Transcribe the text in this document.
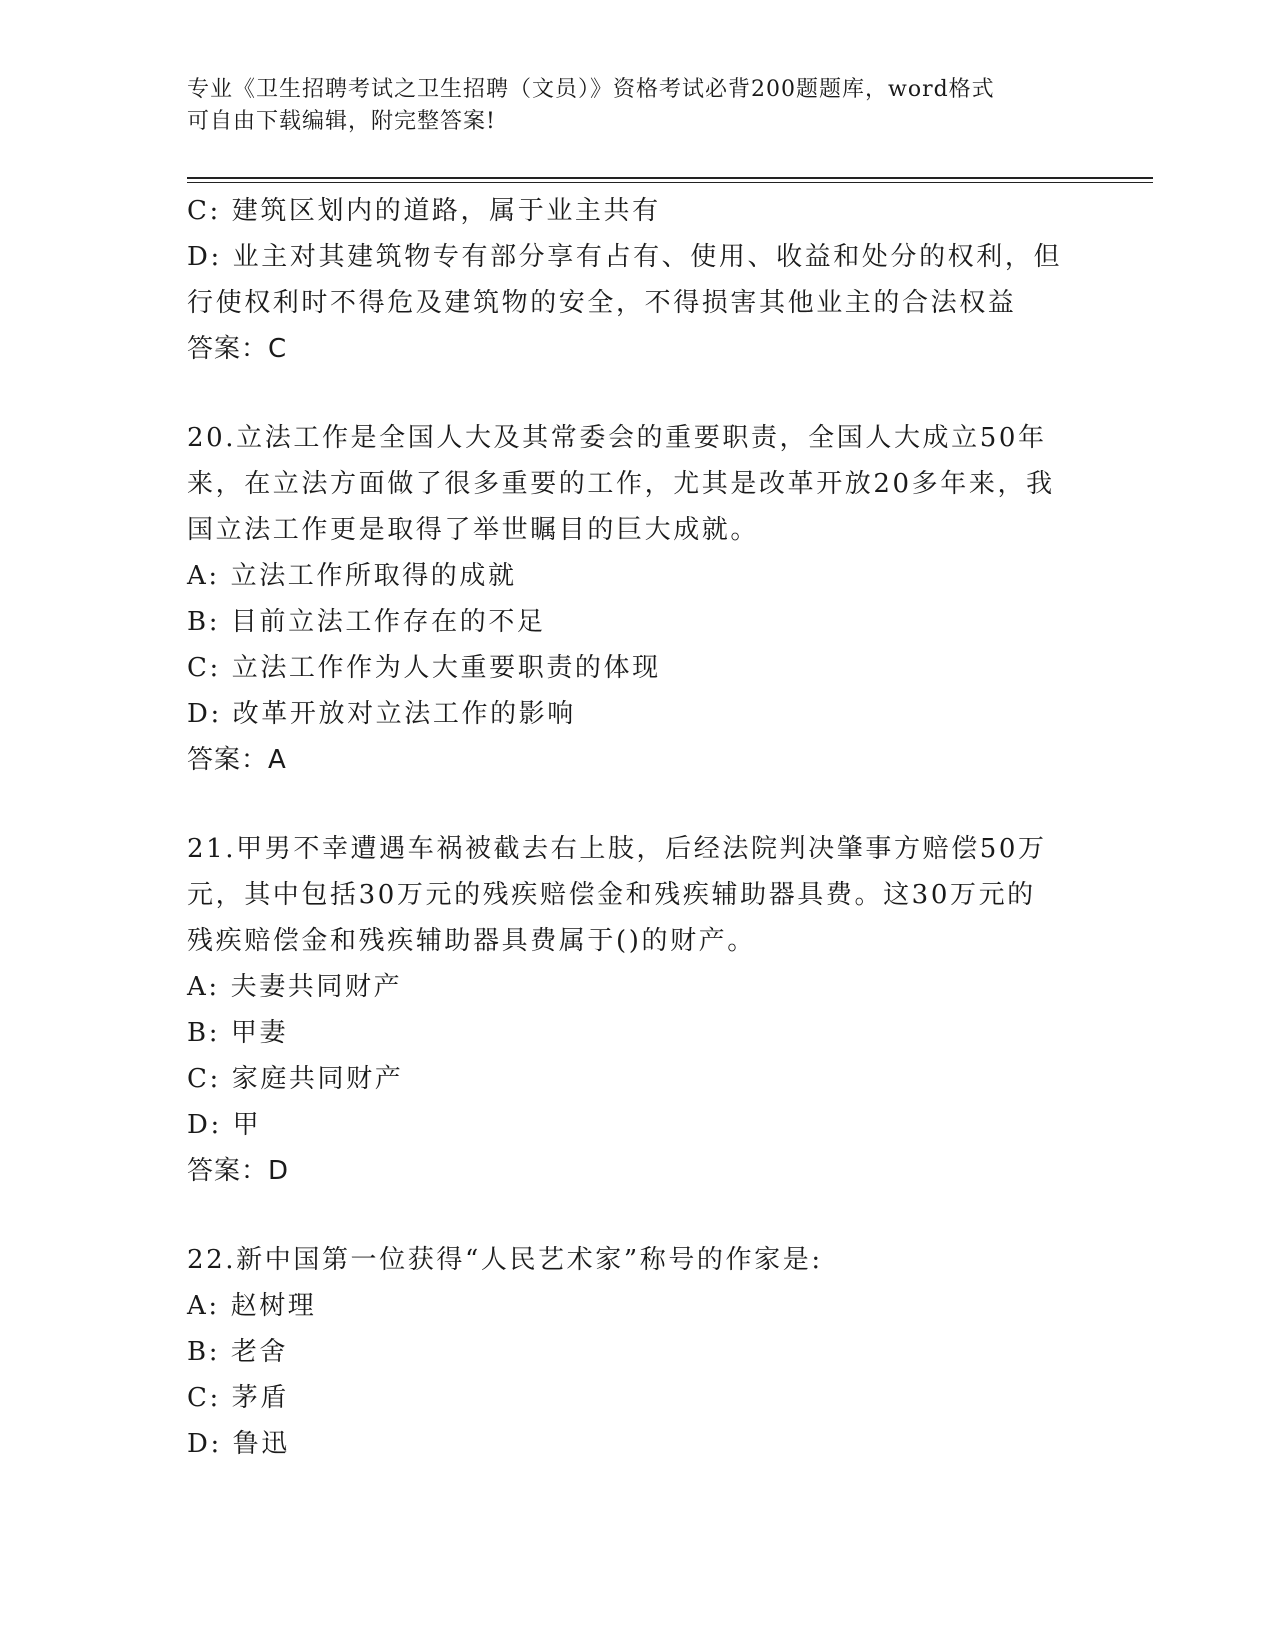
专业《卫生招聘考试之卫生招聘（文员）》资格考试必背200题题库，word格式
可自由下载编辑，附完整答案!
C: 建筑区划内的道路，属于业主共有
D: 业主对其建筑物专有部分享有占有、使用、收益和处分的权利，但
行使权利时不得危及建筑物的安全，不得损害其他业主的合法权益
答案：C
20.立法工作是全国人大及其常委会的重要职责，全国人大成立50年
来，在立法方面做了很多重要的工作，尤其是改革开放20多年来，我
国立法工作更是取得了举世瞩目的巨大成就。
A: 立法工作所取得的成就
B: 目前立法工作存在的不足
C: 立法工作作为人大重要职责的体现
D: 改革开放对立法工作的影响
答案：A
21.甲男不幸遭遇车祸被截去右上肢，后经法院判决肇事方赔偿50万
元，其中包括30万元的残疾赔偿金和残疾辅助器具费。这30万元的
残疾赔偿金和残疾辅助器具费属于()的财产。
A: 夫妻共同财产
B: 甲妻
C: 家庭共同财产
D: 甲
答案：D
22.新中国第一位获得“人民艺术家”称号的作家是:
A: 赵树理
B: 老舍
C: 茅盾
D: 鲁迅
